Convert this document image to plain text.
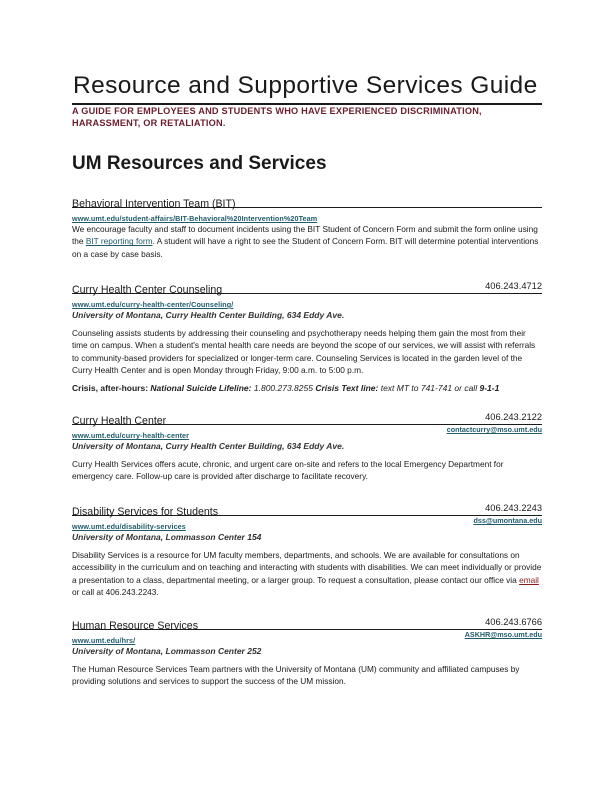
Resource and Supportive Services Guide
A GUIDE FOR EMPLOYEES AND STUDENTS WHO HAVE EXPERIENCED DISCRIMINATION, HARASSMENT, OR RETALIATION.
UM Resources and Services
Behavioral Intervention Team (BIT)
www.umt.edu/student-affairs/BIT-Behavioral%20Intervention%20Team
We encourage faculty and staff to document incidents using the BIT Student of Concern Form and submit the form online using the BIT reporting form. A student will have a right to see the Student of Concern Form. BIT will determine potential interventions on a case by case basis.
Curry Health Center Counseling	406.243.4712
www.umt.edu/curry-health-center/Counseling/
University of Montana, Curry Health Center Building, 634 Eddy Ave.
Counseling assists students by addressing their counseling and psychotherapy needs helping them gain the most from their time on campus. When a student's mental health care needs are beyond the scope of our services, we will assist with referrals to community-based providers for specialized or longer-term care. Counseling Services is located in the garden level of the Curry Health Center and is open Monday through Friday, 9:00 a.m. to 5:00 p.m.
Crisis, after-hours: National Suicide Lifeline: 1.800.273.8255 Crisis Text line: text MT to 741-741 or call 9-1-1
Curry Health Center	406.243.2122
www.umt.edu/curry-health-center
contactcurry@mso.umt.edu
University of Montana, Curry Health Center Building, 634 Eddy Ave.
Curry Health Services offers acute, chronic, and urgent care on-site and refers to the local Emergency Department for emergency care. Follow-up care is provided after discharge to facilitate recovery.
Disability Services for Students	406.243.2243
www.umt.edu/disability-services
dss@umontana.edu
University of Montana, Lommasson Center 154
Disability Services is a resource for UM faculty members, departments, and schools. We are available for consultations on accessibility in the curriculum and on teaching and interacting with students with disabilities. We can meet individually or provide a presentation to a class, departmental meeting, or a larger group. To request a consultation, please contact our office via email or call at 406.243.2243.
Human Resource Services	406.243.6766
www.umt.edu/hrs/
ASKHR@mso.umt.edu
University of Montana, Lommasson Center 252
The Human Resource Services Team partners with the University of Montana (UM) community and affiliated campuses by providing solutions and services to support the success of the UM mission.
